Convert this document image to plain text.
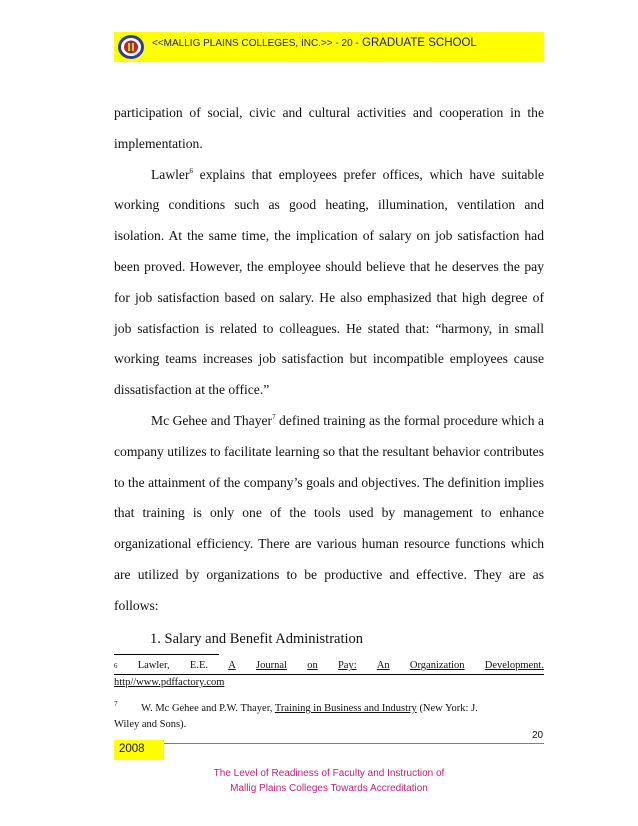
<<MALLIG PLAINS COLLEGES, INC.>> - 20 - GRADUATE SCHOOL

participation of social, civic and cultural activities and cooperation in the implementation.

Lawler$^6$ explains that employees prefer offices, which have suitable working conditions such as good heating, illumination, ventilation and isolation. At the same time, the implication of salary on job satisfaction had been proved. However, the employee should believe that he deserves the pay for job satisfaction based on salary. He also emphasized that high degree of job satisfaction is related to colleagues. He stated that: “harmony, in small working teams increases job satisfaction but incompatible employees cause dissatisfaction at the office.”

Mc Gehee and Thayer$^7$ defined training as the formal procedure which a company utilizes to facilitate learning so that the resultant behavior contributes to the attainment of the company’s goals and objectives. The definition implies that training is only one of the tools used by management to enhance organizational efficiency. There are various human resource functions which are utilized by organizations to be productive and effective. They are as follows:

1. Salary and Benefit Administration
6 Lawler, E.E. A Journal on Pay: An Organization Development.
http//www.pdffactory.com
$^7$ W. Mc Gehee and P.W. Thayer, Training in Business and Industry (New York: J.
Wiley and Sons).
20
2008
The Level of Readiness of Faculty and Instruction of
Mallig Plains Colleges Towards Accreditation
